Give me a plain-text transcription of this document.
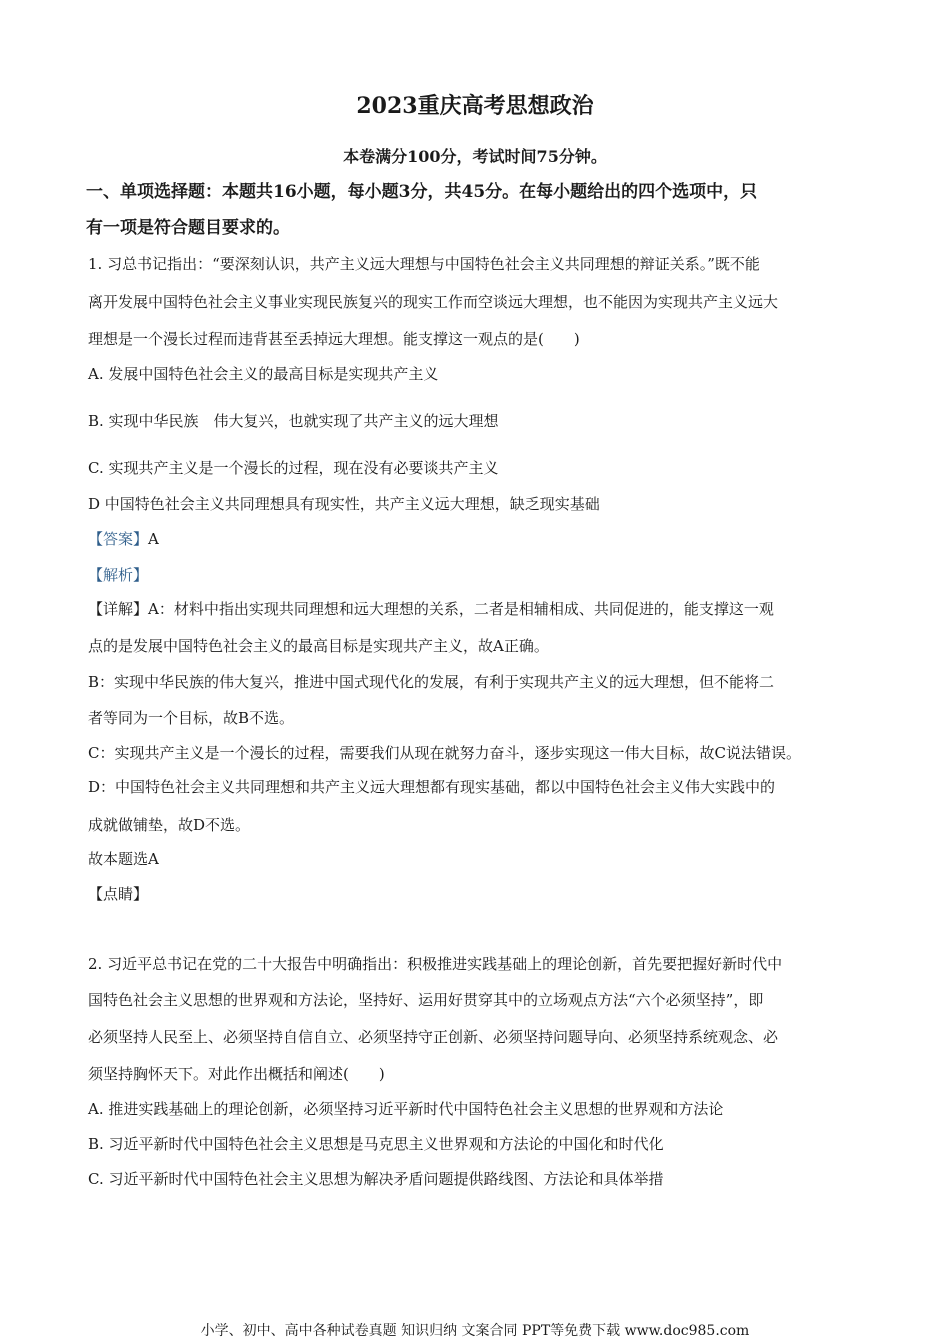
2023重庆高考思想政治
本卷满分100分，考试时间75分钟。
一、单项选择题：本题共16小题，每小题3分，共45分。在每小题给出的四个选项中，只
有一项是符合题目要求的。
1. 习总书记指出：“要深刻认识，共产主义远大理想与中国特色社会主义共同理想的辩证关系。”既不能
离开发展中国特色社会主义事业实现民族复兴的现实工作而空谈远大理想，也不能因为实现共产主义远大
理想是一个漫长过程而违背甚至丢掉远大理想。能支撑这一观点的是(　　)
A. 发展中国特色社会主义的最高目标是实现共产主义
B. 实现中华民族　伟大复兴，也就实现了共产主义的远大理想
C. 实现共产主义是一个漫长的过程，现在没有必要谈共产主义
D 中国特色社会主义共同理想具有现实性，共产主义远大理想，缺乏现实基础
【答案】A
【解析】
【详解】A：材料中指出实现共同理想和远大理想的关系，二者是相辅相成、共同促进的，能支撑这一观
点的是发展中国特色社会主义的最高目标是实现共产主义，故A正确。
B：实现中华民族的伟大复兴，推进中国式现代化的发展，有利于实现共产主义的远大理想，但不能将二
者等同为一个目标，故B不选。
C：实现共产主义是一个漫长的过程，需要我们从现在就努力奋斗，逐步实现这一伟大目标，故C说法错误。
D：中国特色社会主义共同理想和共产主义远大理想都有现实基础，都以中国特色社会主义伟大实践中的
成就做铺垫，故D不选。
故本题选A
【点睛】
2. 习近平总书记在党的二十大报告中明确指出：积极推进实践基础上的理论创新，首先要把握好新时代中
国特色社会主义思想的世界观和方法论，坚持好、运用好贯穿其中的立场观点方法“六个必须坚持”，即
必须坚持人民至上、必须坚持自信自立、必须坚持守正创新、必须坚持问题导向、必须坚持系统观念、必
须坚持胸怀天下。对此作出概括和阐述(　　)
A. 推进实践基础上的理论创新，必须坚持习近平新时代中国特色社会主义思想的世界观和方法论
B. 习近平新时代中国特色社会主义思想是马克思主义世界观和方法论的中国化和时代化
C. 习近平新时代中国特色社会主义思想为解决矛盾问题提供路线图、方法论和具体举措
小学、初中、高中各种试卷真题 知识归纳 文案合同 PPT等免费下载 www.doc985.com
